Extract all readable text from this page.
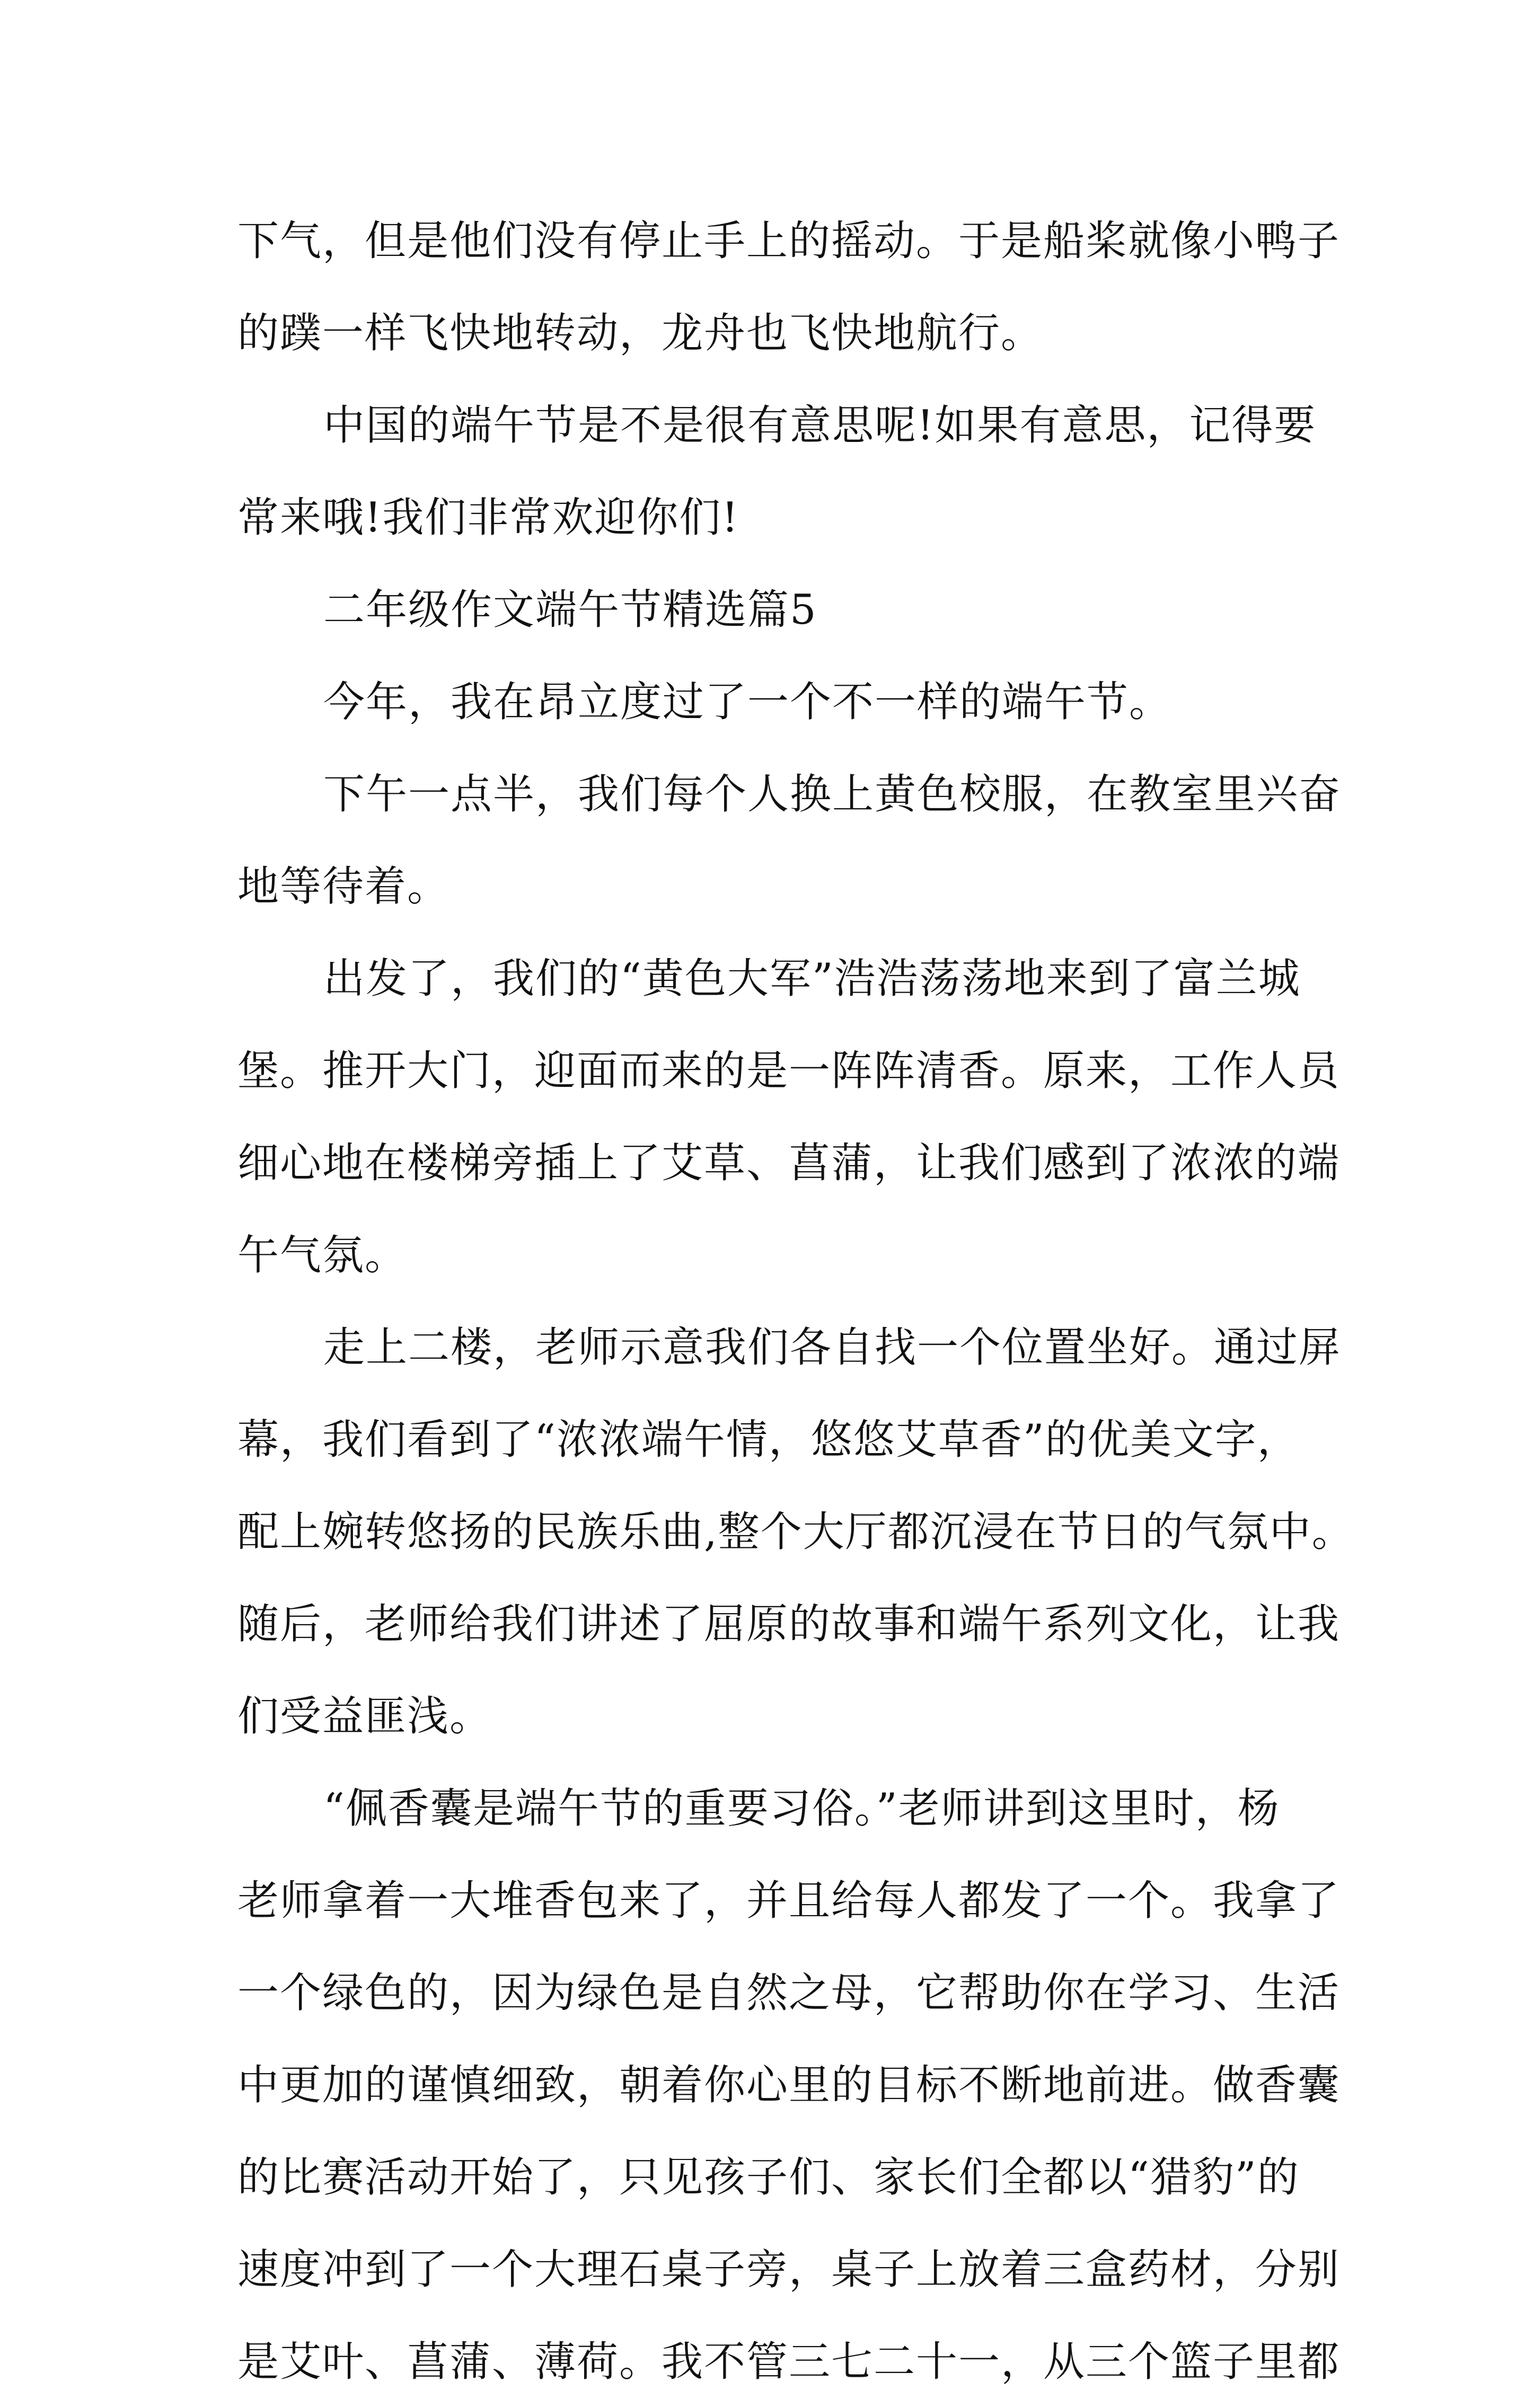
下气，但是他们没有停止手上的摇动。于是船桨就像小鸭子
的蹼一样飞快地转动，龙舟也飞快地航行。
中国的端午节是不是很有意思呢!如果有意思，记得要
常来哦!我们非常欢迎你们!
二年级作文端午节精选篇5
今年，我在昂立度过了一个不一样的端午节。
下午一点半，我们每个人换上黄色校服，在教室里兴奋
地等待着。
出发了，我们的“黄色大军”浩浩荡荡地来到了富兰城
堡。推开大门，迎面而来的是一阵阵清香。原来，工作人员
细心地在楼梯旁插上了艾草、菖蒲，让我们感到了浓浓的端
午气氛。
走上二楼，老师示意我们各自找一个位置坐好。通过屏
幕，我们看到了“浓浓端午情，悠悠艾草香”的优美文字，
配上婉转悠扬的民族乐曲,整个大厅都沉浸在节日的气氛中。
随后，老师给我们讲述了屈原的故事和端午系列文化，让我
们受益匪浅。
“佩香囊是端午节的重要习俗。”老师讲到这里时，杨
老师拿着一大堆香包来了，并且给每人都发了一个。我拿了
一个绿色的，因为绿色是自然之母，它帮助你在学习、生活
中更加的谨慎细致，朝着你心里的目标不断地前进。做香囊
的比赛活动开始了，只见孩子们、家长们全都以“猎豹”的
速度冲到了一个大理石桌子旁，桌子上放着三盒药材，分别
是艾叶、菖蒲、薄荷。我不管三七二十一，从三个篮子里都
